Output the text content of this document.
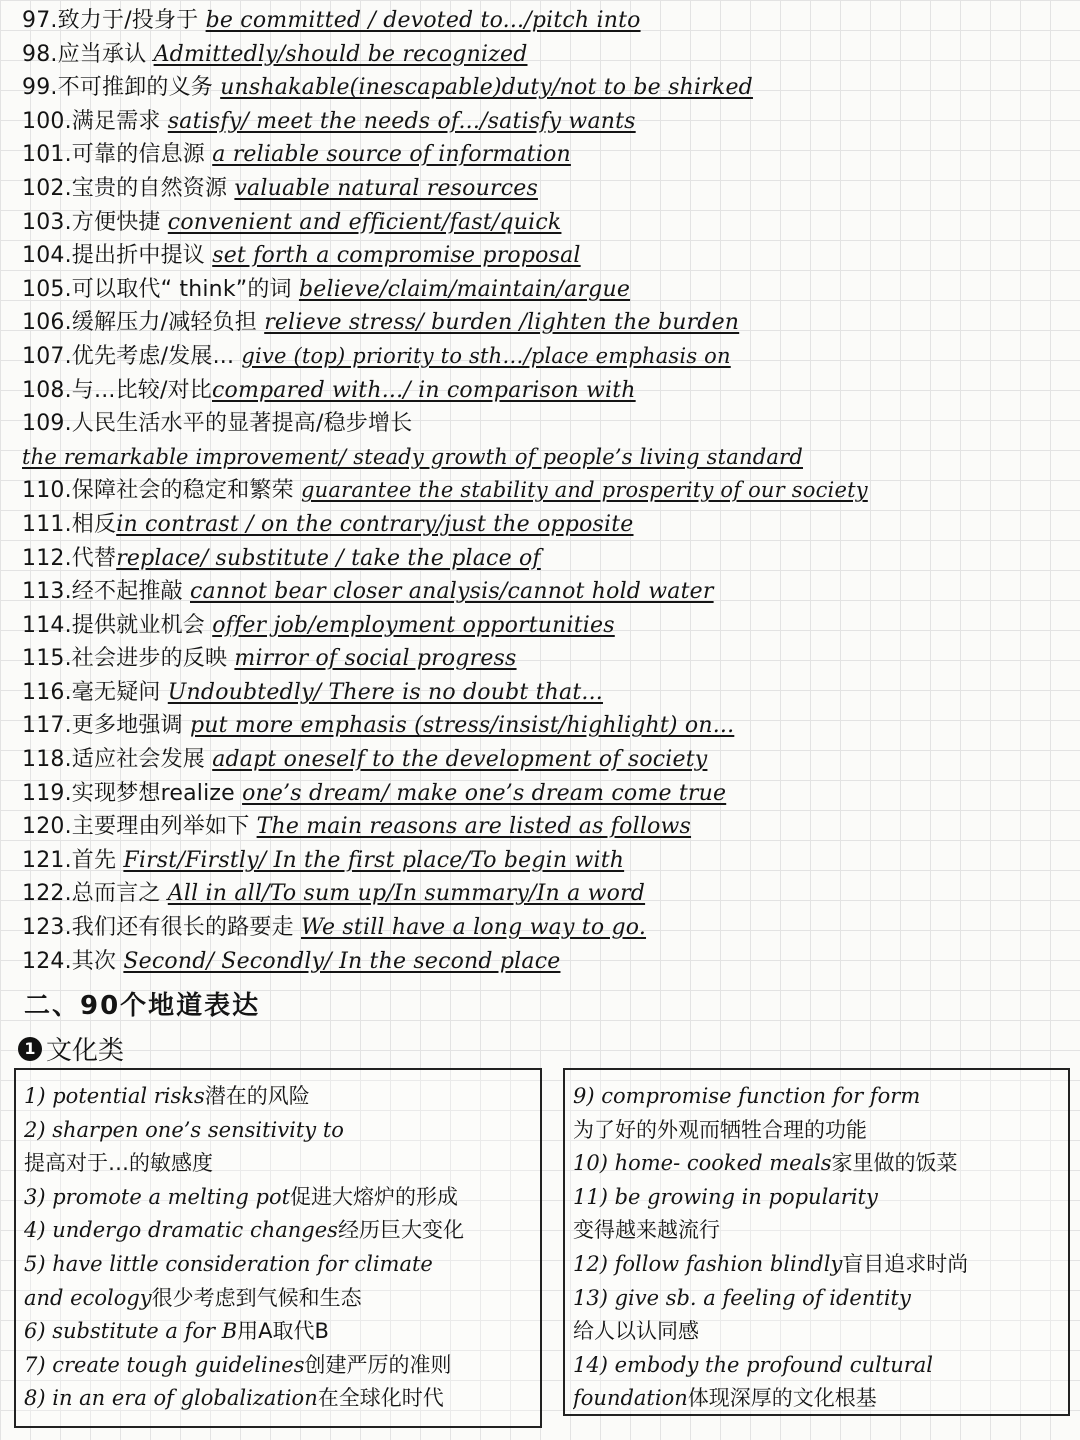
97.致力于/投身于 be committed / devoted to.../pitch into
98.应当承认 Admittedly/should be recognized
99.不可推卸的义务 unshakable(inescapable)duty/not to be shirked
100.满足需求 satisfy/ meet the needs of.../satisfy wants
101.可靠的信息源 a reliable source of information
102.宝贵的自然资源 valuable natural resources
103.方便快捷 convenient and efficient/fast/quick
104.提出折中提议 set forth a compromise proposal
105.可以取代“ think”的词 believe/claim/maintain/argue
106.缓解压力/减轻负担 relieve stress/ burden /lighten the burden
107.优先考虑/发展... give (top) priority to sth…/place emphasis on
108.与...比较/对比compared with.../ in comparison with
109.人民生活水平的显著提高/稳步增长
the remarkable improvement/ steady growth of people’s living standard
110.保障社会的稳定和繁荣 guarantee the stability and prosperity of our society
111.相反in contrast / on the contrary/just the opposite
112.代替replace/ substitute / take the place of
113.经不起推敲 cannot bear closer analysis/cannot hold water
114.提供就业机会 offer job/employment opportunities
115.社会进步的反映 mirror of social progress
116.毫无疑问 Undoubtedly/ There is no doubt that...
117.更多地强调 put more emphasis (stress/insist/highlight) on...
118.适应社会发展 adapt oneself to the development of society
119.实现梦想realize one’s dream/ make one’s dream come true
120.主要理由列举如下 The main reasons are listed as follows
121.首先 First/Firstly/ In the first place/To begin with
122.总而言之 All in all/To sum up/In summary/In a word
123.我们还有很长的路要走 We still have a long way to go.
124.其次 Second/ Secondly/ In the second place
二、90个地道表达
1 文化类
1) potential risks潜在的风险
2) sharpen one’s sensitivity to
提高对于…的敏感度
3) promote a melting pot促进大熔炉的形成
4) undergo dramatic changes经历巨大变化
5) have little consideration for climate
and ecology很少考虑到气候和生态
6) substitute a for B用A取代B
7) create tough guidelines创建严厉的准则
8) in an era of globalization在全球化时代
9) compromise function for form
为了好的外观而牺牲合理的功能
10) home- cooked meals家里做的饭菜
11) be growing in popularity
变得越来越流行
12) follow fashion blindly盲目追求时尚
13) give sb. a feeling of identity
给人以认同感
14) embody the profound cultural
foundation体现深厚的文化根基
